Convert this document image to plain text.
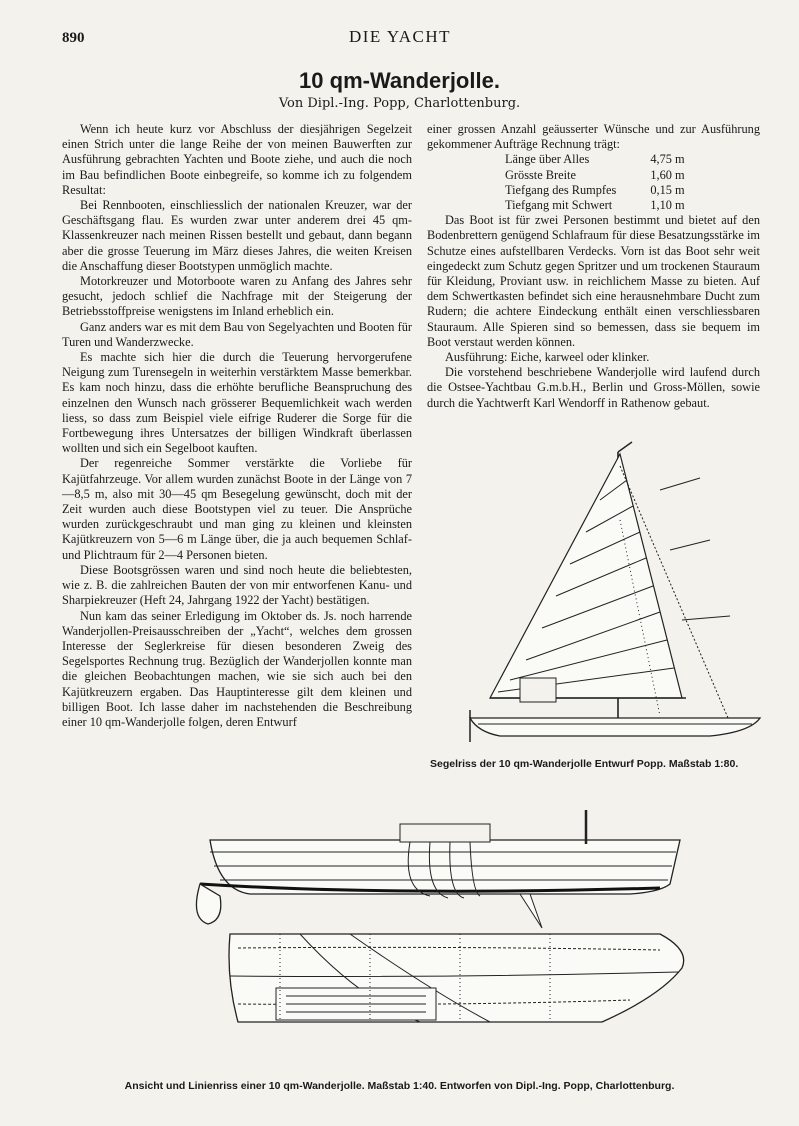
890	DIE YACHT
10 qm-Wanderjolle.
Von Dipl.-Ing. Popp, Charlottenburg.

Wenn ich heute kurz vor Abschluss der diesjährigen Segelzeit einen Strich unter die lange Reihe der von meinen Bauwerften zur Ausführung gebrachten Yachten und Boote ziehe, und auch die noch im Bau befindlichen Boote einbegreife, so komme ich zu folgendem Resultat:

Bei Rennbooten, einschliesslich der nationalen Kreuzer, war der Geschäftsgang flau. Es wurden zwar unter anderem drei 45 qm-Klassenkreuzer nach meinen Rissen bestellt und gebaut, dann begann aber die grosse Teuerung im März dieses Jahres, die weiten Kreisen die Anschaffung dieser Bootstypen unmöglich machte.

Motorkreuzer und Motorboote waren zu Anfang des Jahres sehr gesucht, jedoch schlief die Nachfrage mit der Steigerung der Betriebsstoffpreise wenigstens im Inland erheblich ein.

Ganz anders war es mit dem Bau von Segelyachten und Booten für Turen und Wanderzwecke.

Es machte sich hier die durch die Teuerung hervorgerufene Neigung zum Turensegeln in weiterhin verstärktem Masse bemerkbar. Es kam noch hinzu, dass die erhöhte berufliche Beanspruchung des einzelnen den Wunsch nach grösserer Bequemlichkeit wach werden liess, so dass zum Beispiel viele eifrige Ruderer die Sorge für die Fortbewegung ihres Untersatzes der billigen Windkraft überlassen wollten und sich ein Segelboot kauften.

Der regenreiche Sommer verstärkte die Vorliebe für Kajütfahrzeuge. Vor allem wurden zunächst Boote in der Länge von 7—8,5 m, also mit 30—45 qm Besegelung gewünscht, doch mit der Zeit wurden auch diese Bootstypen viel zu teuer. Die Ansprüche wurden zurückgeschraubt und man ging zu kleinen und kleinsten Kajütkreuzern von 5—6 m Länge über, die ja auch bequemen Schlaf- und Plichtraum für 2—4 Personen bieten.

Diese Bootsgrössen waren und sind noch heute die beliebtesten, wie z. B. die zahlreichen Bauten der von mir entworfenen Kanu- und Sharpiekreuzer (Heft 24, Jahrgang 1922 der Yacht) bestätigen.

Nun kam das seiner Erledigung im Oktober ds. Js. noch harrende Wanderjollen-Preisausschreiben der „Yacht“, welches dem grossen Interesse der Seglerkreise für diesen besonderen Zweig des Segelsportes Rechnung trug. Bezüglich der Wanderjollen konnte man die gleichen Beobachtungen machen, wie sie sich auch bei den Kajütkreuzern ergaben. Das Hauptinteresse gilt dem kleinen und billigen Boot. Ich lasse daher im nachstehenden die Beschreibung einer 10 qm-Wanderjolle folgen, deren Entwurf

einer grossen Anzahl geäusserter Wünsche und zur Ausführung gekommener Aufträge Rechnung trägt:

Länge über Alles	4,75 m
Grösste Breite	1,60 m
Tiefgang des Rumpfes	0,15 m
Tiefgang mit Schwert	1,10 m

Das Boot ist für zwei Personen bestimmt und bietet auf den Bodenbrettern genügend Schlafraum für diese Besatzungsstärke im Schutze eines aufstellbaren Verdecks. Vorn ist das Boot sehr weit eingedeckt zum Schutz gegen Spritzer und um trockenen Stauraum für Kleidung, Proviant usw. in reichlichem Masse zu bieten. Auf dem Schwertkasten befindet sich eine herausnehmbare Ducht zum Rudern; die achtere Eindeckung enthält einen verschliessbaren Stauraum. Alle Spieren sind so bemessen, dass sie bequem im Boot verstaut werden können.

Ausführung: Eiche, karweel oder klinker.

Die vorstehend beschriebene Wanderjolle wird laufend durch die Ostsee-Yachtbau G.m.b.H., Berlin und Gross-Möllen, sowie durch die Yachtwerft Karl Wendorff in Rathenow gebaut.

Segelriss der 10 qm-Wanderjolle Entwurf Popp. Maßstab 1:80.
Ansicht und Linienriss einer 10 qm-Wanderjolle. Maßstab 1:40. Entworfen von Dipl.-Ing. Popp, Charlottenburg.
